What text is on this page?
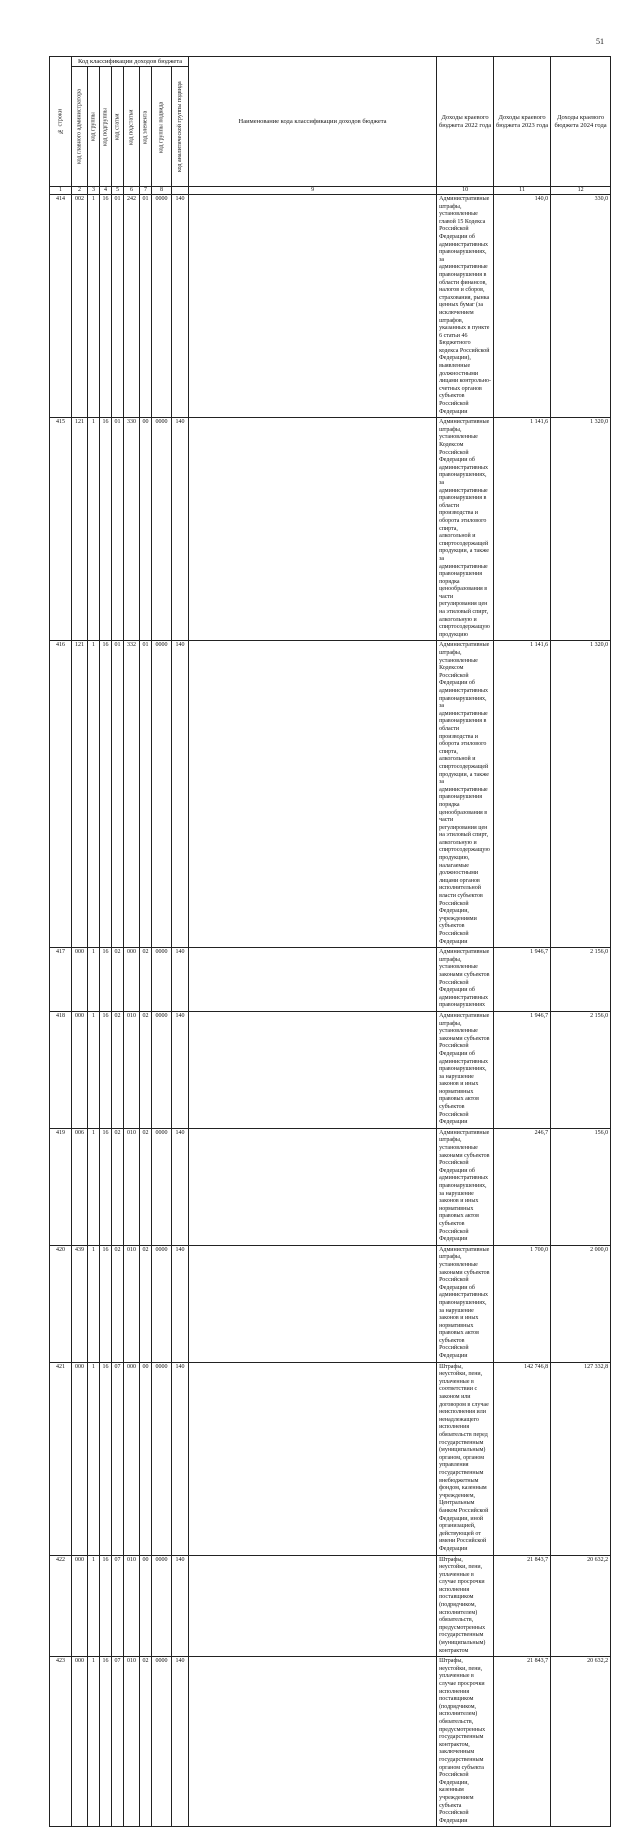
51
№ строки	Код классификации доходов бюджета								Наименование кода классификации доходов бюджета	Доходы краевого бюджета 2022 года	Доходы краевого бюджета 2023 года	Доходы краевого бюджета 2024 года	
	код главного администратора	код группы	код подгруппы	код статьи	код подстатьи	код элемента	код группы подвида	код аналитической группы подвида					
1	2	3	4	5	6	7	8		9	10	11	12	
414	002	1	16	01	242	01	0000	140		Административные штрафы, установленные главой 15 Кодекса Российской Федерации об административных правонарушениях, за административные правонарушения в области финансов, налогов и сборов, страхования, рынка ценных бумаг (за исключением штрафов, указанных в пункте 6 статьи 46 Бюджетного кодекса Российской Федерации), выявленные должностными лицами контрольно-счетных органов субъектов Российской Федерации	140,0	330,0	
415	121	1	16	01	330	00	0000	140		Административные штрафы, установленные Кодексом Российской Федерации об административных правонарушениях, за административные правонарушения в области производства и оборота этилового спирта, алкогольной и спиртосодержащей продукции, а также за административные правонарушения порядка ценообразования в части регулирования цен на этиловый спирт, алкогольную и спиртосодержащую продукцию	1 141,6	1 320,0	
416	121	1	16	01	332	01	0000	140		Административные штрафы, установленные Кодексом Российской Федерации об административных правонарушениях, за административные правонарушения в области производства и оборота этилового спирта, алкогольной и спиртосодержащей продукции, а также за административные правонарушения порядка ценообразования в части регулирования цен на этиловый спирт, алкогольную и спиртосодержащую продукцию, налагаемые должностными лицами органов исполнительной власти субъектов Российской Федерации, учреждениями субъектов Российской Федерации	1 141,6	1 320,0	
417	000	1	16	02	000	02	0000	140		Административные штрафы, установленные законами субъектов Российской Федерации об административных правонарушениях	1 946,7	2 156,0	
418	000	1	16	02	010	02	0000	140		Административные штрафы, установленные законами субъектов Российской Федерации об административных правонарушениях, за нарушение законов и иных нормативных правовых актов субъектов Российской Федерации	1 946,7	2 156,0	
419	006	1	16	02	010	02	0000	140		Административные штрафы, установленные законами субъектов Российской Федерации об административных правонарушениях, за нарушение законов и иных нормативных правовых актов субъектов Российской Федерации	246,7	156,0	
420	439	1	16	02	010	02	0000	140		Административные штрафы, установленные законами субъектов Российской Федерации об административных правонарушениях, за нарушение законов и иных нормативных правовых актов субъектов Российской Федерации	1 700,0	2 000,0	
421	000	1	16	07	000	00	0000	140		Штрафы, неустойки, пени, уплаченные в соответствии с законом или договором в случае неисполнения или ненадлежащего исполнения обязательств перед государственным (муниципальным) органом, органом управления государственным внебюджетным фондом, казенным учреждением, Центральным банком Российской Федерации, иной организацией, действующей от имени Российской Федерации	142 746,8	127 332,8	
422	000	1	16	07	010	00	0000	140		Штрафы, неустойки, пени, уплаченные в случае просрочки исполнения поставщиком (подрядчиком, исполнителем) обязательств, предусмотренных государственным (муниципальным) контрактом	21 843,7	20 632,2	
423	000	1	16	07	010	02	0000	140		Штрафы, неустойки, пени, уплаченные в случае просрочки исполнения поставщиком (подрядчиком, исполнителем) обязательств, предусмотренных государственным контрактом, заключенным государственным органом субъекта Российской Федерации, казенным учреждением субъекта Российской Федерации	21 843,7	20 632,2	
